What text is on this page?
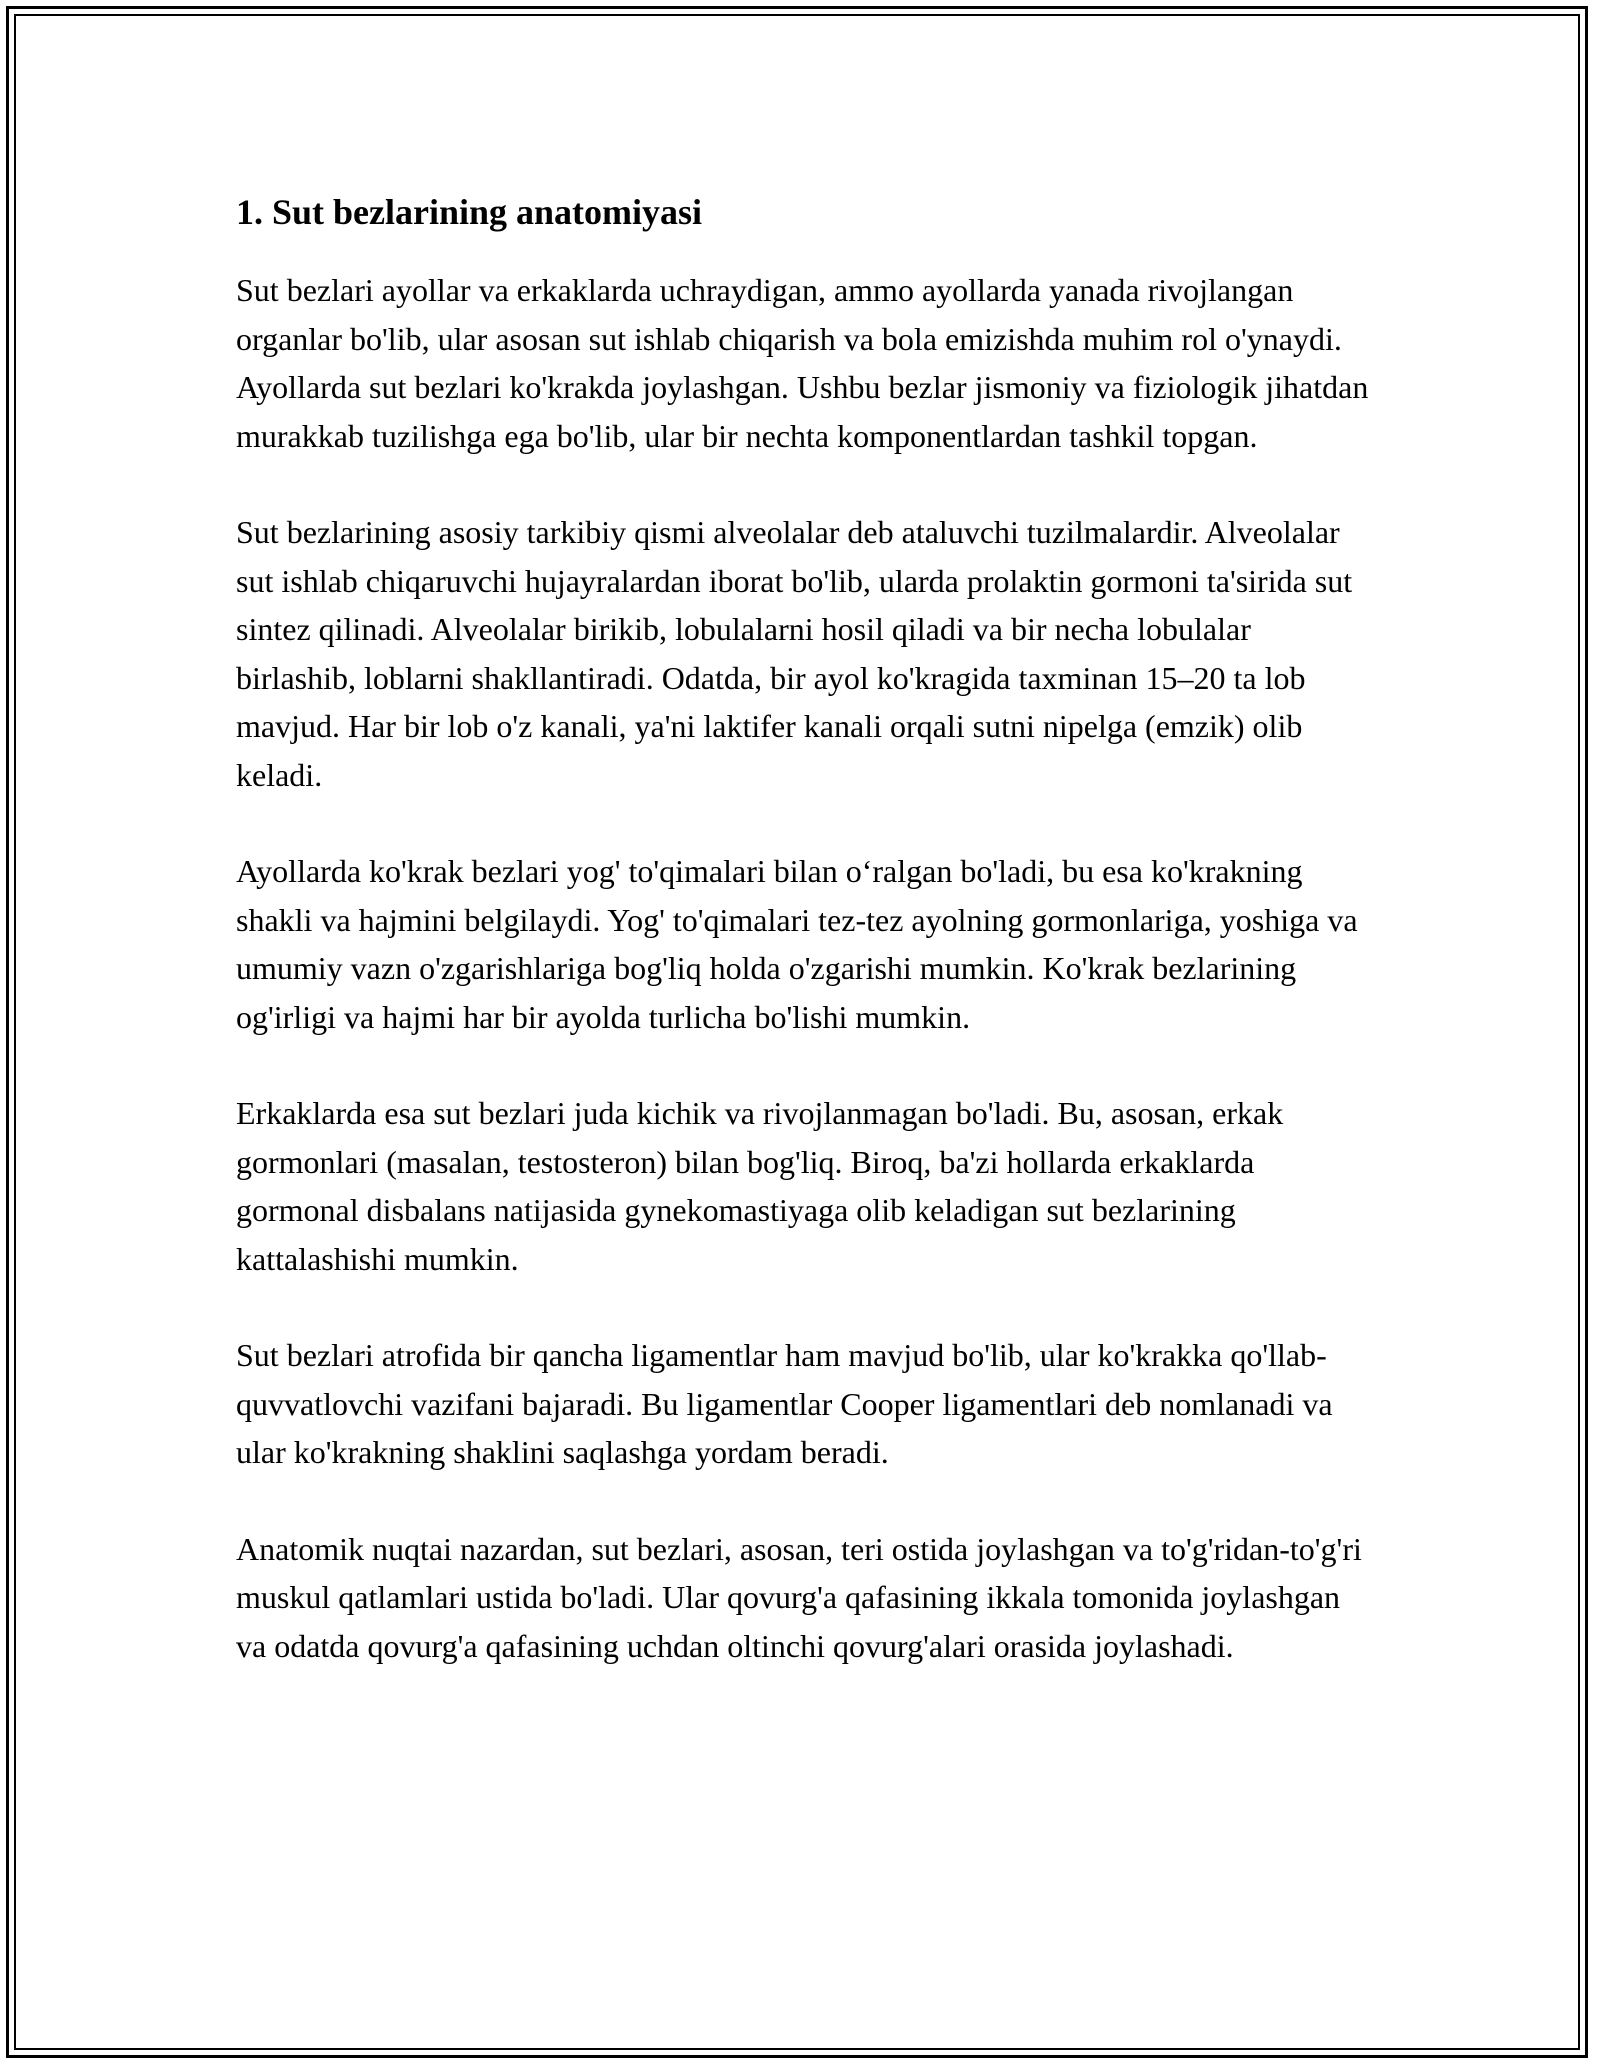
1. Sut bezlarining anatomiyasi

Sut bezlari ayollar va erkaklarda uchraydigan, ammo ayollarda yanada rivojlangan organlar bo'lib, ular asosan sut ishlab chiqarish va bola emizishda muhim rol o'ynaydi. Ayollarda sut bezlari ko'krakda joylashgan. Ushbu bezlar jismoniy va fiziologik jihatdan murakkab tuzilishga ega bo'lib, ular bir nechta komponentlardan tashkil topgan.

Sut bezlarining asosiy tarkibiy qismi alveolalar deb ataluvchi tuzilmalardir. Alveolalar sut ishlab chiqaruvchi hujayralardan iborat bo'lib, ularda prolaktin gormoni ta'sirida sut sintez qilinadi. Alveolalar birikib, lobulalarni hosil qiladi va bir necha lobulalar birlashib, loblarni shakllantiradi. Odatda, bir ayol ko'kragida taxminan 15–20 ta lob mavjud. Har bir lob o'z kanali, ya'ni laktifer kanali orqali sutni nipelga (emzik) olib keladi.

Ayollarda ko'krak bezlari yog' to'qimalari bilan o‘ralgan bo'ladi, bu esa ko'krakning shakli va hajmini belgilaydi. Yog' to'qimalari tez-tez ayolning gormonlariga, yoshiga va umumiy vazn o'zgarishlariga bog'liq holda o'zgarishi mumkin. Ko'krak bezlarining og'irligi va hajmi har bir ayolda turlicha bo'lishi mumkin.

Erkaklarda esa sut bezlari juda kichik va rivojlanmagan bo'ladi. Bu, asosan, erkak gormonlari (masalan, testosteron) bilan bog'liq. Biroq, ba'zi hollarda erkaklarda gormonal disbalans natijasida gynekomastiyaga olib keladigan sut bezlarining kattalashishi mumkin.

Sut bezlari atrofida bir qancha ligamentlar ham mavjud bo'lib, ular ko'krakka qo'llab-quvvatlovchi vazifani bajaradi. Bu ligamentlar Cooper ligamentlari deb nomlanadi va ular ko'krakning shaklini saqlashga yordam beradi.

Anatomik nuqtai nazardan, sut bezlari, asosan, teri ostida joylashgan va to'g'ridan-to'g'ri muskul qatlamlari ustida bo'ladi. Ular qovurg'a qafasining ikkala tomonida joylashgan va odatda qovurg'a qafasining uchdan oltinchi qovurg'alari orasida joylashadi.
